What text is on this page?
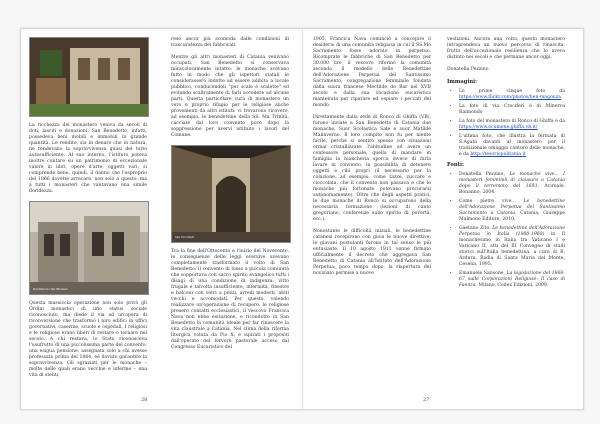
La ricchezza del monastero veniva da secoli di doti, lasciti e donazioni. San Benedetto, infatti, possedeva beni mobili e immobili in grande quantità. Le rendite, sia in denaro che in natura, ne rendevano la sopravvivenza quasi del tutto autosufficiente. Al suo interno, l'istituto poteva inoltre contare su un patrimonio di eccezionale valore in libri, opere d'arte, oggetti vari; si comprende bene, quindi, il danno che l'esproprio del 1866 dovette arrecare, non solo a questo, ma a tutti i monasteri che vantavano una simile floridezza.

Dormitorio dei Monaci

Questa massiccia operazione non solo privò gli Ordini monastici di uno status sociale riconosciuto, ma diede il via ad un'opera di riconversione che trasformò i loro edifici in uffici governativi, caserme, scuole e ospedali. I religiosi e le religiose erano liberi di restare o tornare nel secolo. A chi restava, lo Stato riconosceva l'usufrutto di una piccolissima parte del convento, una esigua pensione, assegnata solo a chi avesse professato prima del 1864, eè dovuto garantire la sopravvivenza. Gli sgraziati per le monache – molte delle quali erano vecchie e inferme – una vita di stenti,

rese ancor più scomoda dalle condizioni di trascuratezza dei fabbricati.

Mentre gli altri monasteri di Catania venivano occupati, San Benedetto si conservava miracolosamente intatto; le monache avevano fatto in modo che gli ispettori statali le considerassero indotte ad essere adibito a locale pubblico, conducendoli "per scale e scalette" ed evitando scaltramente di farli accedere ad alcune parti. Questa particolare cura di monastero un vero e proprio rifugio per le religiose anche provenienti da altri istituti: vi trovarono ricovero, ad esempio, le benedettine della SS. Ma Trinità, cacciate dal loro convento poco dopo la soppressione per avervi istituito i lavori del Comune.

Via Crociferi

Tra la fine dell'Ottocento e l'inizio del Novecento, le conseguenze delle leggi eversive avevano completamente trasformato il volto di San Benedetto: il convento di lusso a piccola comunità che sopportava con sacro spirito evangelico tutti i disagi di una condizione di indigenza: vitto frugale e talvolta insufficiente, infermità, finestre e balconi con vetri a pezzi, arredi modesti, abiti vecchi e accomodati. Per questo, volendo realizzare un'operazione di recupero, le religiose presero contatti ecclesiastici, il vescovo Francica Nava non ebbe esitazione, e ricondotte in San Benedetto la comunità ideale per far rinascere la vita claustrale a Catania. Nel clima della riforma liturgica voluta da Pio X, e ispirati i propositi dall'operato del fervore pastorale acceso dal Congresso Eucaristico del

28

1905, Francica Nava cominciò a concepire il desiderio di una comunità religiosa in cui il SS.Mo Sacramento fosse adorato in perpetuo. Ricomprate le fabbriche di San Benedetto per 30.000 lire, il vescovo riformò la comunità secondo il modello delle Benedettine dell'Adorazione Perpetua del Santissimo Sacramento, congregazione femminile fondata dalla suora francese Mectilde de Bar nel XVII secolo e dalla sua vocazione eucaristica mantenuta per riparare ed espiare i peccati del mondo.

Direttamente dalla sede di Ronco di Ghiffa (VB), furono inviate a San Benedetto di Catania due monache, Suor Scolastica Sale e suor Matilde Malinverno. Il loro compito non fu per niente facile, perché si sentirò spesso con situazioni ormai cristallizzate: l'abitudine ad avere un confessore personale, quella di mandare in famiglia la biancheria sporca invece di farla lavare in convento, la possibilità di detenere oggetti e cibi propri (il necessario per la colazione, ad esempio, come tazze, zuccare e cioccolata, che il convento non passava e che le monache più fortunate potevano procurarsi autonomamente). Oltre che degli aspetti pratici, le due monache di Ronco si occuparono della necessaria formazione (lezioni di canto gregoriano, conferenze sullo spirito di povertà, ecc.).

Nonostante le difficoltà iniziali, le benedettine catanesi recepirono con gioia le nuove direttive: le giovani postulanti furono in tal senso le più entusiaste. Il 10 agosto 1911 venne firmato ufficialmente il decreto che aggregava San Benedetto di Catania all'Istituto dell'Adorazione Perpetua; poco tempo dopo, la riapertura del noviziato permise a nuove

vestizioni. Ancora una volta, questo monastero intraprendeva un nuovo percorso di rinascita, frutto dell'eccezionale resilienza che lo aveva distinto nei secoli e che permane ancor oggi.

Donatella Pezzino

Immagini:
• Le prime cinque foto da https://www.flickr.com/photos/hen-magonza
• La foto di via Crociferi è di Minerva Raimondo
• La foto del monastero di Ronco di Ghiffa è da https://www.ecumene.ghiffa.vb.it/
• L'ultima foto, che illustra la fermata di S.Agata davanti al monastero per il tradizionale omaggio canturo delle monache, è da http://tesoriopalitania.it
Fonti:
• Donatella Pezzino, Le monache vive... I monasteri femminili di clausura a Catania dopo il terremoto del 1693, Acireale, Bonanno, 2004.
• Come pietre vive... Le benedettine dell'Adorazione Perpetua del Santissimo Sacramento a Catania, Catania, Giuseppe Maimone Editore, 2010.
• Gaetano Zito, Le benedettine dell'Adorazione Perpetua in Italia (1880-1960) in Il monachesimo in Italia tra Vaticano I e Vaticano II, atti del III Convegno di studi storici sull'Italia benedettina, a cura di B. Ardura, Badia di Santa Maria del Monte, Cesena, 1995.
• Emanuele Sansone, La legislazione del 1866-67 sulle Corporazioni Religiose: Il caso di Faenza, Milano, Codex Edizioni, 2009.
27
